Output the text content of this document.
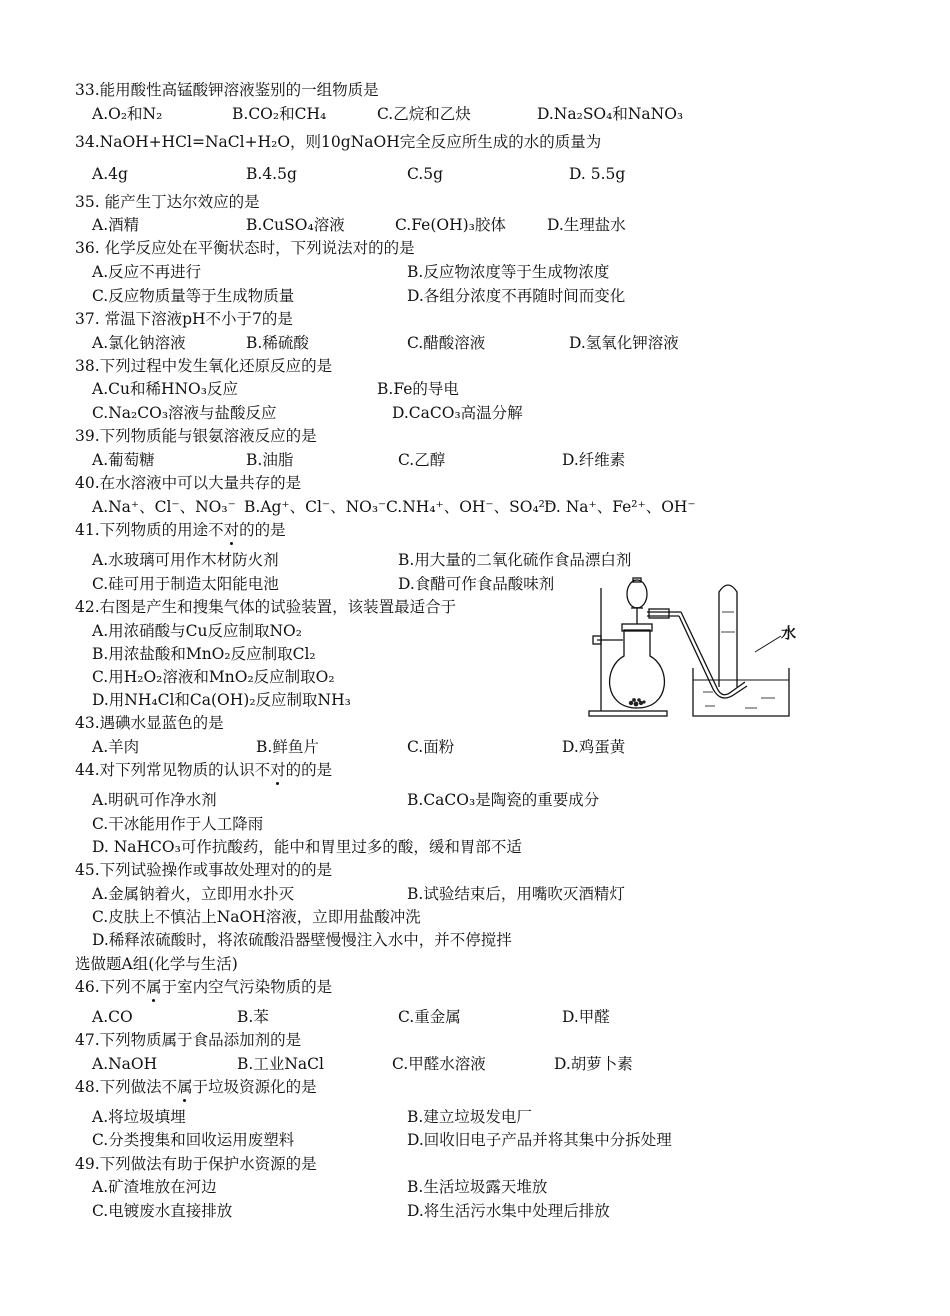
33.能用酸性高锰酸钾溶液鉴别的一组物质是
A.O₂和N₂	B.CO₂和CH₄	C.乙烷和乙炔	D.Na₂SO₄和NaNO₃
34.NaOH+HCl=NaCl+H₂O，则10gNaOH完全反应所生成的水的质量为
A.4g	B.4.5g	C.5g	D. 5.5g
35. 能产生丁达尔效应的是
A.酒精	B.CuSO₄溶液	C.Fe(OH)₃胶体	D.生理盐水
36. 化学反应处在平衡状态时，下列说法对的的是
A.反应不再进行	B.反应物浓度等于生成物浓度
C.反应物质量等于生成物质量	D.各组分浓度不再随时间而变化
37. 常温下溶液pH不小于7的是
A.氯化钠溶液	B.稀硫酸	C.醋酸溶液	D.氢氧化钾溶液
38.下列过程中发生氧化还原反应的是
A.Cu和稀HNO₃反应	B.Fe的导电
C.Na₂CO₃溶液与盐酸反应	D.CaCO₃高温分解
39.下列物质能与银氨溶液反应的是
A.葡萄糖	B.油脂	C.乙醇	D.纤维素
40.在水溶液中可以大量共存的是
A.Na⁺、Cl⁻、NO₃⁻ B.Ag⁺、Cl⁻、NO₃⁻ C.NH₄⁺、OH⁻、SO₄²⁻
D. Na⁺、Fe²⁺、OH⁻
41.下列物质的用途不对的的是
A.水玻璃可用作木材防火剂	B.用大量的二氧化硫作食品漂白剂
C.硅可用于制造太阳能电池	D.食醋可作食品酸味剂
42.右图是产生和搜集气体的试验装置，该装置最适合于
A.用浓硝酸与Cu反应制取NO₂
B.用浓盐酸和MnO₂反应制取Cl₂
C.用H₂O₂溶液和MnO₂反应制取O₂
D.用NH₄Cl和Ca(OH)₂反应制取NH₃
水
43.遇碘水显蓝色的是
A.羊肉	B.鲜鱼片	C.面粉	D.鸡蛋黄
44.对下列常见物质的认识不对的的是
A.明矾可作净水剂	B.CaCO₃是陶瓷的重要成分
C.干冰能用作于人工降雨
D. NaHCO₃可作抗酸药，能中和胃里过多的酸，缓和胃部不适
45.下列试验操作或事故处理对的的是
A.金属钠着火，立即用水扑灭	B.试验结束后，用嘴吹灭酒精灯
C.皮肤上不慎沾上NaOH溶液，立即用盐酸冲洗
D.稀释浓硫酸时，将浓硫酸沿器壁慢慢注入水中，并不停搅拌
选做题A组(化学与生活)
46.下列不属于室内空气污染物质的是
A.CO	B.苯	C.重金属	D.甲醛
47.下列物质属于食品添加剂的是
A.NaOH	B.工业NaCl	C.甲醛水溶液	D.胡萝卜素
48.下列做法不属于垃圾资源化的是
A.将垃圾填埋	B.建立垃圾发电厂
C.分类搜集和回收运用废塑料	D.回收旧电子产品并将其集中分拆处理
49.下列做法有助于保护水资源的是
A.矿渣堆放在河边	B.生活垃圾露天堆放
C.电镀废水直接排放	D.将生活污水集中处理后排放
